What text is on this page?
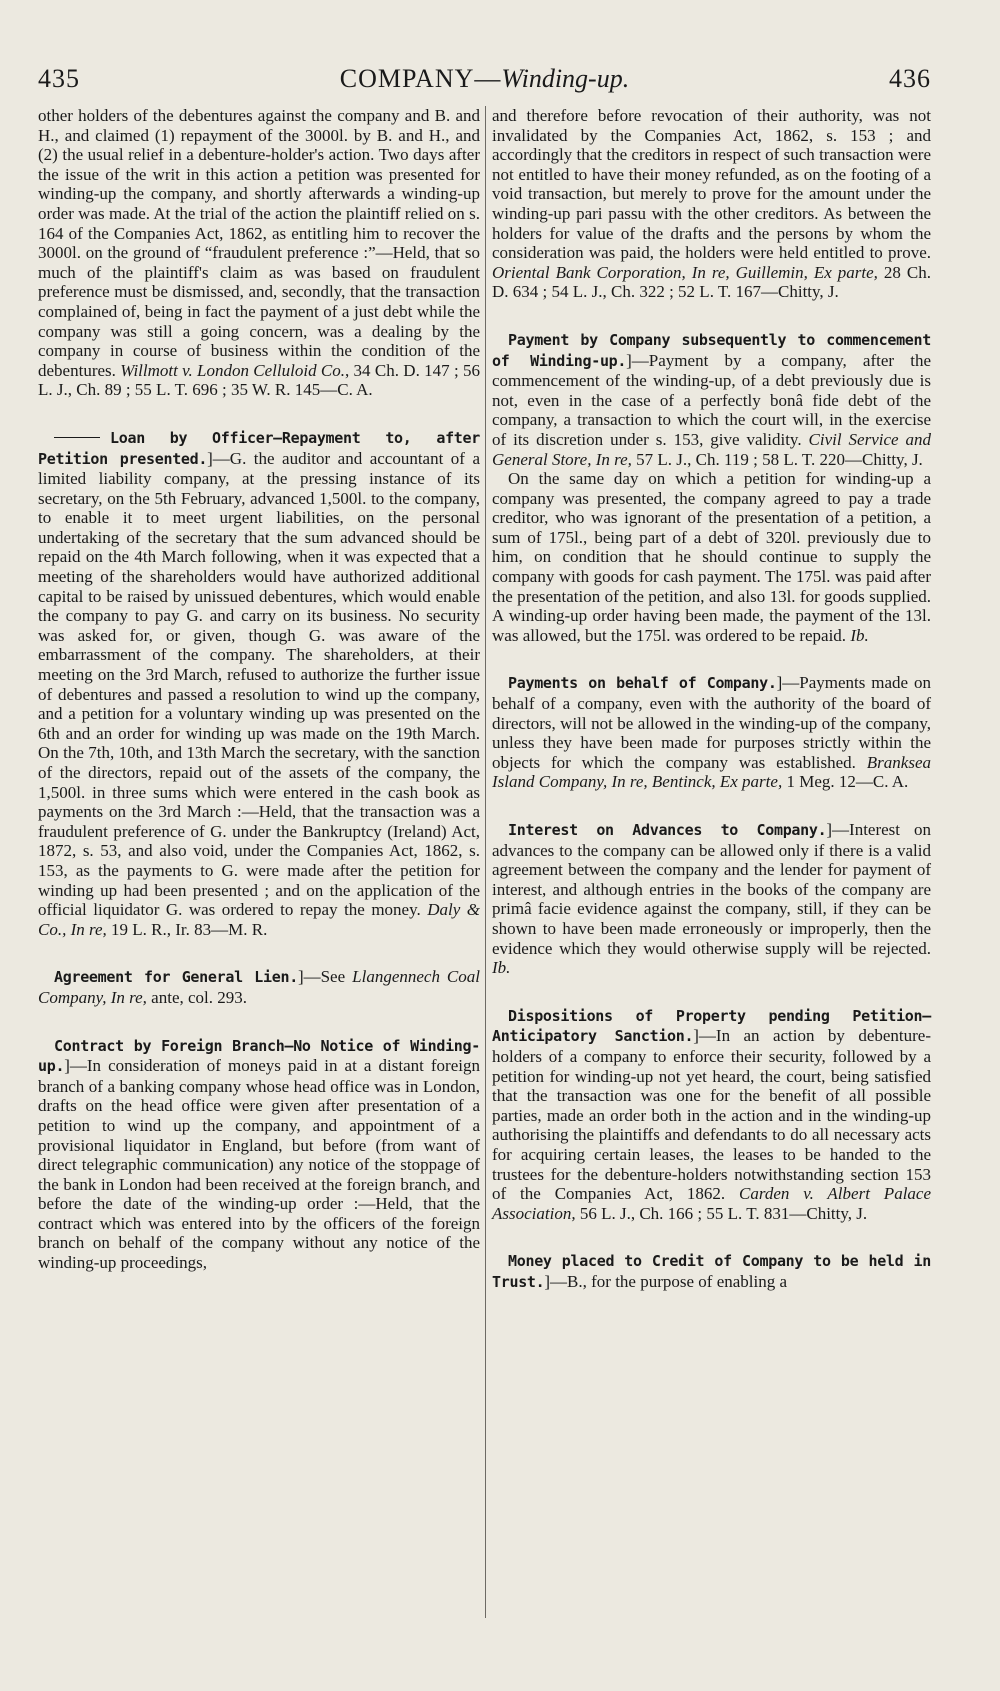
435	COMPANY—Winding-up.	436

other holders of the debentures against the company and B. and H., and claimed (1) repayment of the 3000l. by B. and H., and (2) the usual relief in a debenture-holder's action. Two days after the issue of the writ in this action a petition was presented for winding-up the company, and shortly afterwards a winding-up order was made. At the trial of the action the plaintiff relied on s. 164 of the Companies Act, 1862, as entitling him to recover the 3000l. on the ground of “fraudulent preference :”—Held, that so much of the plaintiff's claim as was based on fraudulent preference must be dismissed, and, secondly, that the transaction complained of, being in fact the payment of a just debt while the company was still a going concern, was a dealing by the company in course of business within the condition of the debentures. Willmott v. London Celluloid Co., 34 Ch. D. 147 ; 56 L. J., Ch. 89 ; 55 L. T. 696 ; 35 W. R. 145—C. A.

Loan by Officer—Repayment to, after Petition presented.]—G. the auditor and accountant of a limited liability company, at the pressing instance of its secretary, on the 5th February, advanced 1,500l. to the company, to enable it to meet urgent liabilities, on the personal undertaking of the secretary that the sum advanced should be repaid on the 4th March following, when it was expected that a meeting of the shareholders would have authorized additional capital to be raised by unissued debentures, which would enable the company to pay G. and carry on its business. No security was asked for, or given, though G. was aware of the embarrassment of the company. The shareholders, at their meeting on the 3rd March, refused to authorize the further issue of debentures and passed a resolution to wind up the company, and a petition for a voluntary winding up was presented on the 6th and an order for winding up was made on the 19th March. On the 7th, 10th, and 13th March the secretary, with the sanction of the directors, repaid out of the assets of the company, the 1,500l. in three sums which were entered in the cash book as payments on the 3rd March :—Held, that the transaction was a fraudulent preference of G. under the Bankruptcy (Ireland) Act, 1872, s. 53, and also void, under the Companies Act, 1862, s. 153, as the payments to G. were made after the petition for winding up had been presented ; and on the application of the official liquidator G. was ordered to repay the money. Daly & Co., In re, 19 L. R., Ir. 83—M. R.

Agreement for General Lien.]—See Llangennech Coal Company, In re, ante, col. 293.

Contract by Foreign Branch—No Notice of Winding-up.]—In consideration of moneys paid in at a distant foreign branch of a banking company whose head office was in London, drafts on the head office were given after presentation of a petition to wind up the company, and appointment of a provisional liquidator in England, but before (from want of direct telegraphic communication) any notice of the stoppage of the bank in London had been received at the foreign branch, and before the date of the winding-up order :—Held, that the contract which was entered into by the officers of the foreign branch on behalf of the company without any notice of the winding-up proceedings,

and therefore before revocation of their authority, was not invalidated by the Companies Act, 1862, s. 153 ; and accordingly that the creditors in respect of such transaction were not entitled to have their money refunded, as on the footing of a void transaction, but merely to prove for the amount under the winding-up pari passu with the other creditors. As between the holders for value of the drafts and the persons by whom the consideration was paid, the holders were held entitled to prove. Oriental Bank Corporation, In re, Guillemin, Ex parte, 28 Ch. D. 634 ; 54 L. J., Ch. 322 ; 52 L. T. 167—Chitty, J.

Payment by Company subsequently to commencement of Winding-up.]—Payment by a company, after the commencement of the winding-up, of a debt previously due is not, even in the case of a perfectly bonâ fide debt of the company, a transaction to which the court will, in the exercise of its discretion under s. 153, give validity. Civil Service and General Store, In re, 57 L. J., Ch. 119 ; 58 L. T. 220—Chitty, J.

On the same day on which a petition for winding-up a company was presented, the company agreed to pay a trade creditor, who was ignorant of the presentation of a petition, a sum of 175l., being part of a debt of 320l. previously due to him, on condition that he should continue to supply the company with goods for cash payment. The 175l. was paid after the presentation of the petition, and also 13l. for goods supplied. A winding-up order having been made, the payment of the 13l. was allowed, but the 175l. was ordered to be repaid. Ib.

Payments on behalf of Company.]—Payments made on behalf of a company, even with the authority of the board of directors, will not be allowed in the winding-up of the company, unless they have been made for purposes strictly within the objects for which the company was established. Branksea Island Company, In re, Bentinck, Ex parte, 1 Meg. 12—C. A.

Interest on Advances to Company.]—Interest on advances to the company can be allowed only if there is a valid agreement between the company and the lender for payment of interest, and although entries in the books of the company are primâ facie evidence against the company, still, if they can be shown to have been made erroneously or improperly, then the evidence which they would otherwise supply will be rejected. Ib.

Dispositions of Property pending Petition—Anticipatory Sanction.]—In an action by debenture-holders of a company to enforce their security, followed by a petition for winding-up not yet heard, the court, being satisfied that the transaction was one for the benefit of all possible parties, made an order both in the action and in the winding-up authorising the plaintiffs and defendants to do all necessary acts for acquiring certain leases, the leases to be handed to the trustees for the debenture-holders notwithstanding section 153 of the Companies Act, 1862. Carden v. Albert Palace Association, 56 L. J., Ch. 166 ; 55 L. T. 831—Chitty, J.

Money placed to Credit of Company to be held in Trust.]—B., for the purpose of enabling a
